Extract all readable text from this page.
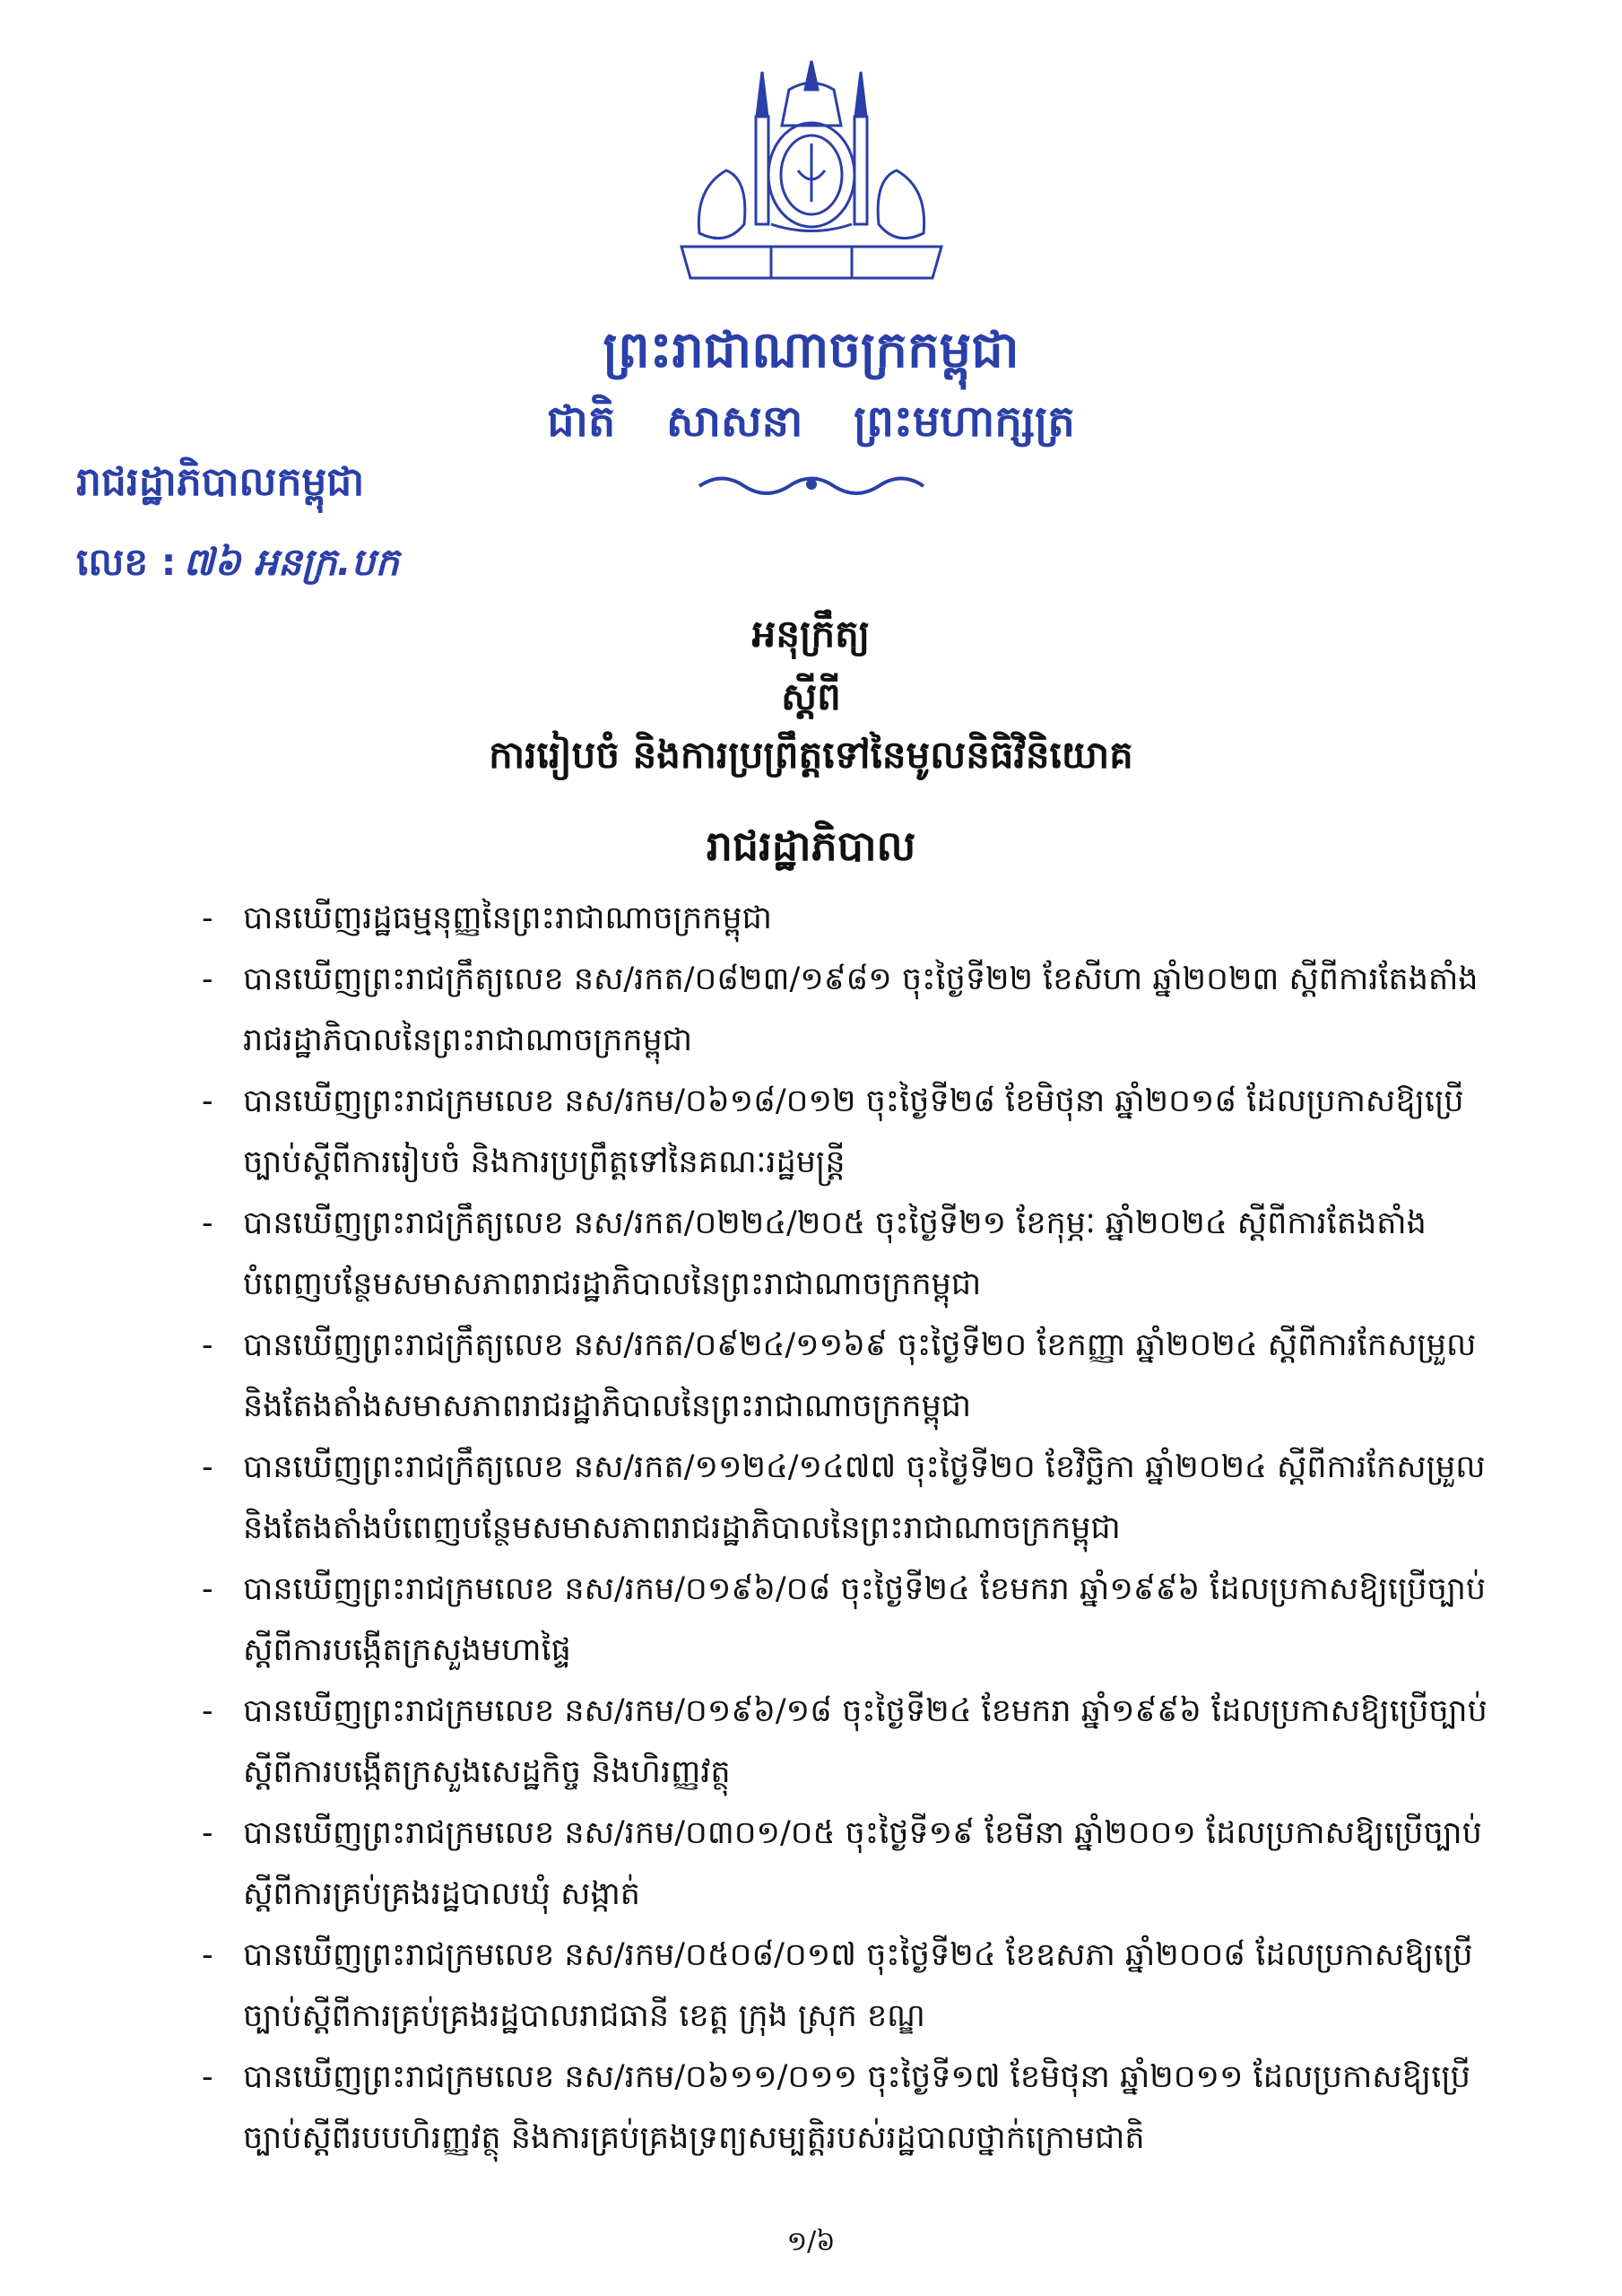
ព្រះរាជាណាចក្រកម្ពុជា
ជាតិ សាសនា ព្រះមហាក្សត្រ
រាជរដ្ឋាភិបាលកម្ពុជា
លេខ : ៧៦ អនក្រ.បក
អនុក្រឹត្យ
ស្តីពី
ការរៀបចំ និងការប្រព្រឹត្តទៅនៃមូលនិធិវិនិយោគ
រាជរដ្ឋាភិបាល
- បានឃើញរដ្ឋធម្មនុញ្ញនៃព្រះរាជាណាចក្រកម្ពុជា
- បានឃើញព្រះរាជក្រឹត្យលេខ នស/រកត/០៨២៣/១៩៨១ ចុះថ្ងៃទី២២ ខែសីហា ឆ្នាំ២០២៣ ស្តីពីការតែងតាំងរាជរដ្ឋាភិបាលនៃព្រះរាជាណាចក្រកម្ពុជា
- បានឃើញព្រះរាជក្រមលេខ នស/រកម/០៦១៨/០១២ ចុះថ្ងៃទី២៨ ខែមិថុនា ឆ្នាំ២០១៨ ដែលប្រកាសឱ្យប្រើច្បាប់ស្តីពីការរៀបចំ និងការប្រព្រឹត្តទៅនៃគណៈរដ្ឋមន្ត្រី
- បានឃើញព្រះរាជក្រឹត្យលេខ នស/រកត/០២២៤/២០៥ ចុះថ្ងៃទី២១ ខែកុម្ភៈ ឆ្នាំ២០២៤ ស្តីពីការតែងតាំងបំពេញបន្ថែមសមាសភាពរាជរដ្ឋាភិបាលនៃព្រះរាជាណាចក្រកម្ពុជា
- បានឃើញព្រះរាជក្រឹត្យលេខ នស/រកត/០៩២៤/១១៦៩ ចុះថ្ងៃទី២០ ខែកញ្ញា ឆ្នាំ២០២៤ ស្តីពីការកែសម្រួល និងតែងតាំងសមាសភាពរាជរដ្ឋាភិបាលនៃព្រះរាជាណាចក្រកម្ពុជា
- បានឃើញព្រះរាជក្រឹត្យលេខ នស/រកត/១១២៤/១៤៧៧ ចុះថ្ងៃទី២០ ខែវិច្ឆិកា ឆ្នាំ២០២៤ ស្តីពីការកែសម្រួល និងតែងតាំងបំពេញបន្ថែមសមាសភាពរាជរដ្ឋាភិបាលនៃព្រះរាជាណាចក្រកម្ពុជា
- បានឃើញព្រះរាជក្រមលេខ នស/រកម/០១៩៦/០៨ ចុះថ្ងៃទី២៤ ខែមករា ឆ្នាំ១៩៩៦ ដែលប្រកាសឱ្យប្រើច្បាប់ស្តីពីការបង្កើតក្រសួងមហាផ្ទៃ
- បានឃើញព្រះរាជក្រមលេខ នស/រកម/០១៩៦/១៨ ចុះថ្ងៃទី២៤ ខែមករា ឆ្នាំ១៩៩៦ ដែលប្រកាសឱ្យប្រើច្បាប់ស្តីពីការបង្កើតក្រសួងសេដ្ឋកិច្ច និងហិរញ្ញវត្ថុ
- បានឃើញព្រះរាជក្រមលេខ នស/រកម/០៣០១/០៥ ចុះថ្ងៃទី១៩ ខែមីនា ឆ្នាំ២០០១ ដែលប្រកាសឱ្យប្រើច្បាប់ស្តីពីការគ្រប់គ្រងរដ្ឋបាលឃុំ សង្កាត់
- បានឃើញព្រះរាជក្រមលេខ នស/រកម/០៥០៨/០១៧ ចុះថ្ងៃទី២៤ ខែឧសភា ឆ្នាំ២០០៨ ដែលប្រកាសឱ្យប្រើច្បាប់ស្តីពីការគ្រប់គ្រងរដ្ឋបាលរាជធានី ខេត្ត ក្រុង ស្រុក ខណ្ឌ
- បានឃើញព្រះរាជក្រមលេខ នស/រកម/០៦១១/០១១ ចុះថ្ងៃទី១៧ ខែមិថុនា ឆ្នាំ២០១១ ដែលប្រកាសឱ្យប្រើច្បាប់ស្តីពីរបបហិរញ្ញវត្ថុ និងការគ្រប់គ្រងទ្រព្យសម្បត្តិរបស់រដ្ឋបាលថ្នាក់ក្រោមជាតិ
១/៦
